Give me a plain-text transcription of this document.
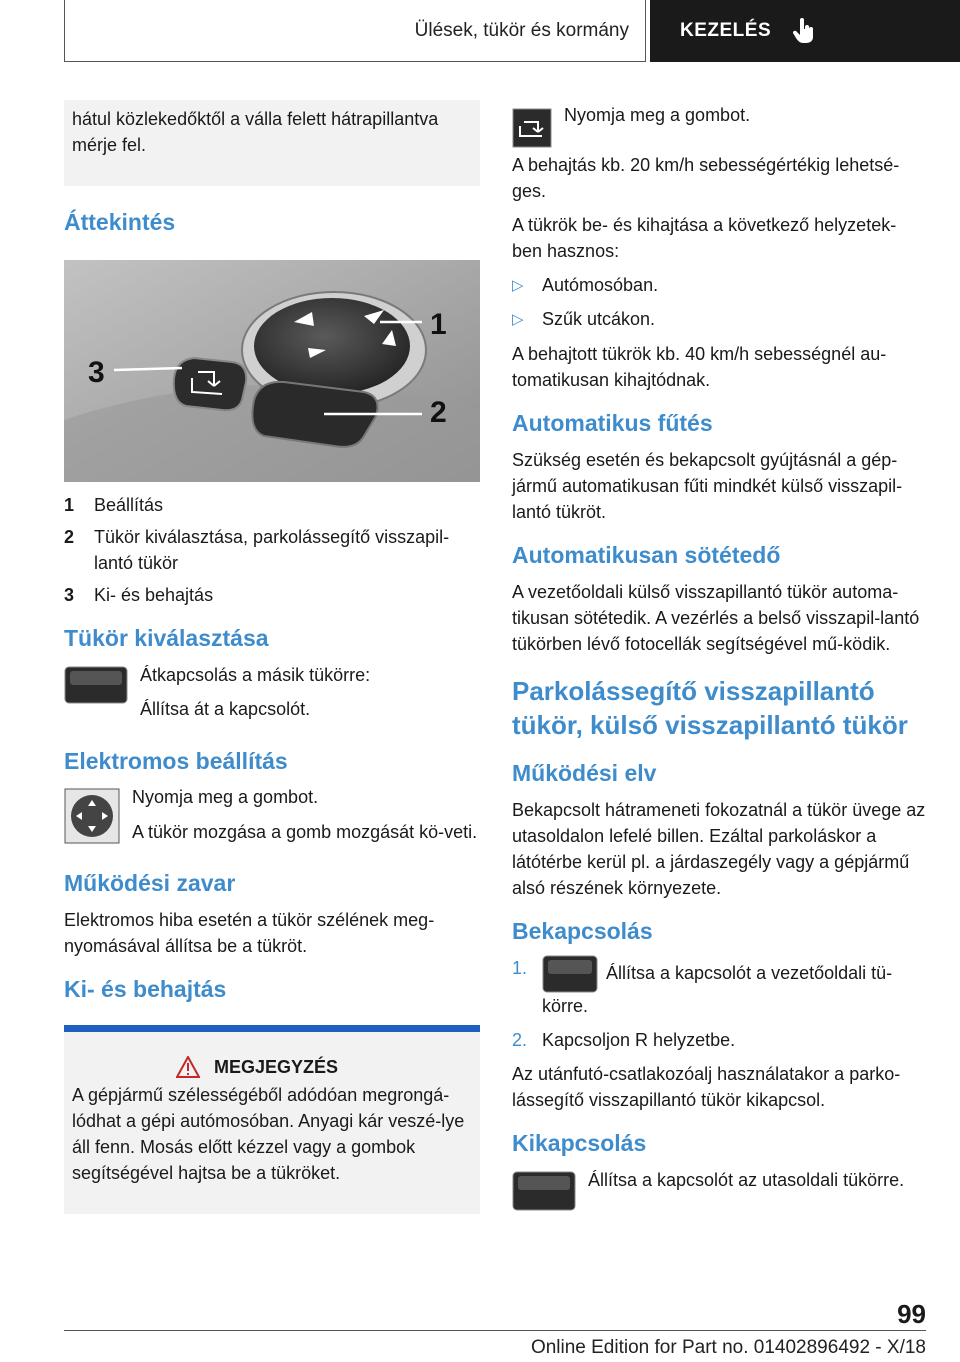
Ülések, tükör és kormány	KEZELÉS

hátul közlekedőktől a válla felett hátrapillantva mérje fel.

Áttekintés
1
2
3
1	Beállítás
2	Tükör kiválasztása, parkolássegítő visszapil-lantó tükör
3	Ki- és behajtás
Tükör kiválasztása

Átkapcsolás a másik tükörre:

Állítsa át a kapcsolót.

Elektromos beállítás

Nyomja meg a gombot.

A tükör mozgása a gomb mozgását kö-veti.

Működési zavar

Elektromos hiba esetén a tükör szélének meg-nyomásával állítsa be a tükröt.

Ki- és behajtás
MEGJEGYZÉS

A gépjármű szélességéből adódóan megrongá-lódhat a gépi autómosóban. Anyagi kár veszé-lye áll fenn. Mosás előtt kézzel vagy a gombok segítségével hajtsa be a tükröket.

Nyomja meg a gombot.

A behajtás kb. 20 km/h sebességértékig lehetsé-ges.

A tükrök be- és kihajtása a következő helyzetek-ben hasznos:

▷	Autómosóban.
▷	Szűk utcákon.

A behajtott tükrök kb. 40 km/h sebességnél au-tomatikusan kihajtódnak.

Automatikus fűtés

Szükség esetén és bekapcsolt gyújtásnál a gép-jármű automatikusan fűti mindkét külső visszapil-lantó tükröt.

Automatikusan sötétedő

A vezetőoldali külső visszapillantó tükör automa-tikusan sötétedik. A vezérlés a belső visszapil-lantó tükörben lévő fotocellák segítségével mű-ködik.

Parkolássegítő visszapillantó tükör, külső visszapillantó tükör
Működési elv

Bekapcsolt hátrameneti fokozatnál a tükör üvege az utasoldalon lefelé billen. Ezáltal parkoláskor a látótérbe kerül pl. a járdaszegély vagy a gépjármű alsó részének környezete.

Bekapcsolás
1.	Állítsa a kapcsolót a vezetőoldali tü-körre.
2. Kapcsoljon R helyzetbe.

Az utánfutó-csatlakozóalj használatakor a parko-lássegítő visszapillantó tükör kikapcsol.

Kikapcsolás

Állítsa a kapcsolót az utasoldali tükörre.

99
Online Edition for Part no. 01402896492 - X/18
